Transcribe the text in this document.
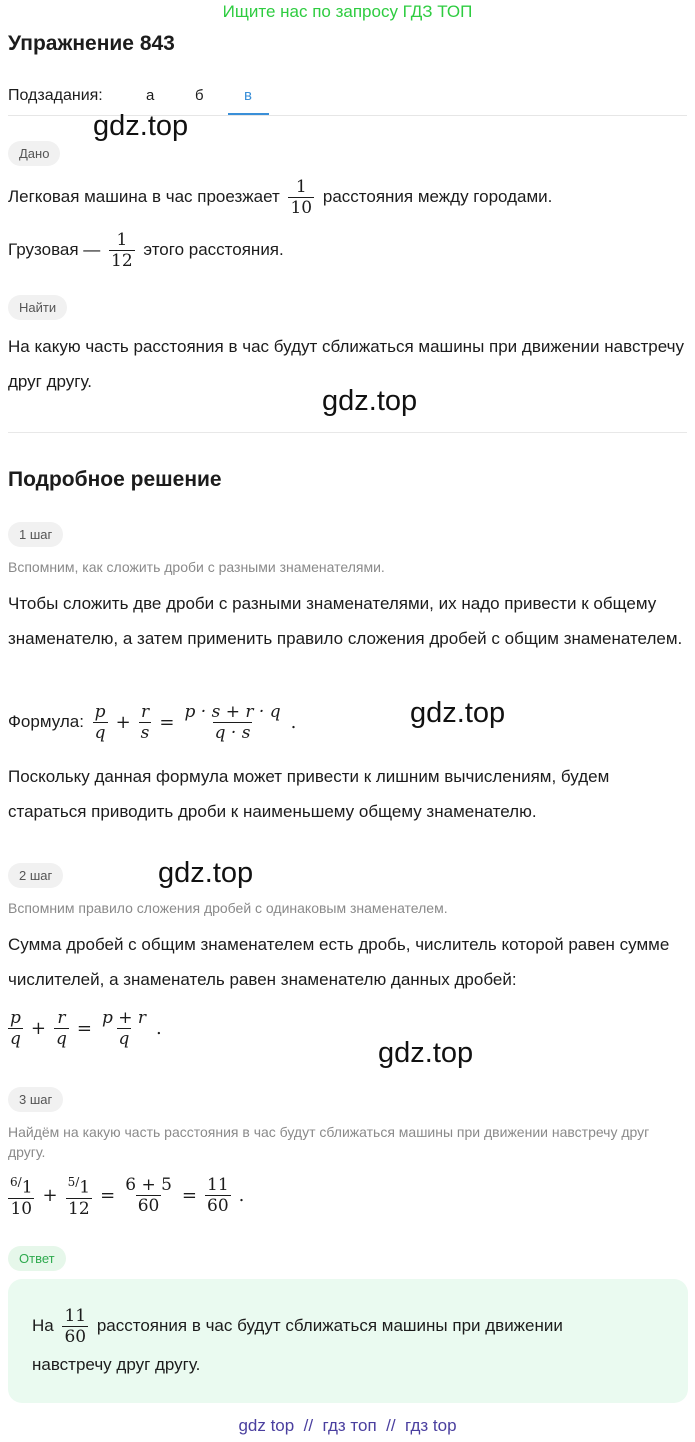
Ищите нас по запросу ГДЗ ТОП
Упражнение 843
Подзадания:	а	б	в
gdz.top
gdz.top
gdz.top
gdz.top
gdz.top
Дано
Легковая машина в час проезжает $\frac{1}{10}$ расстояния между городами.
Грузовая — $\frac{1}{12}$ этого расстояния.
Найти
На какую часть расстояния в час будут сближаться машины при движении навстречу друг другу.
Подробное решение
1 шаг
Вспомним, как сложить дроби с разными знаменателями.
Чтобы сложить две дроби с разными знаменателями, их надо привести к общему знаменателю, а затем применить правило сложения дробей с общим знаменателем.
Формула: $\frac{p}{q} + \frac{r}{s} = \frac{p \cdot s + r \cdot q}{q \cdot s}$ .
Поскольку данная формула может привести к лишним вычислениям, будем стараться приводить дроби к наименьшему общему знаменателю.
2 шаг
Вспомним правило сложения дробей с одинаковым знаменателем.
Сумма дробей с общим знаменателем есть дробь, числитель которой равен сумме числителей, а знаменатель равен знаменателю данных дробей:
$\frac{p}{q} + \frac{r}{q} = \frac{p + r}{q}$ .
3 шаг
Найдём на какую часть расстояния в час будут сближаться машины при движении навстречу друг другу.
$\frac{^{6/}1}{10} + \frac{^{5/}1}{12} = \frac{6 + 5}{60} = \frac{11}{60}$ .
Ответ
На $\frac{11}{60}$ расстояния в час будут сближаться машины при движении
навстречу друг другу.
gdz top  //  гдз топ  //  гдз top
